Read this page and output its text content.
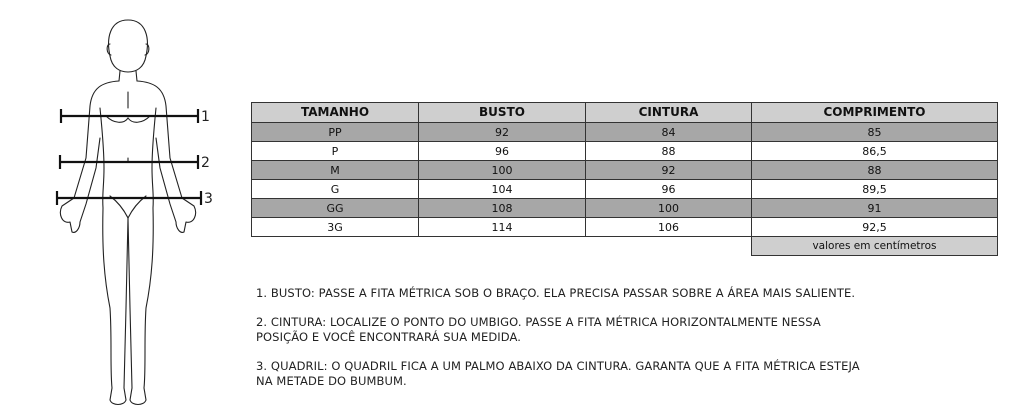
1
2
3
TAMANHO	BUSTO	CINTURA	COMPRIMENTO
PP	92	84	85
P	96	88	86,5
M	100	92	88
G	104	96	89,5
GG	108	100	91
3G	114	106	92,5
			valores em centímetros

1. BUSTO: PASSE A FITA MÉTRICA SOB O BRAÇO. ELA PRECISA PASSAR SOBRE A ÁREA MAIS SALIENTE.

2. CINTURA: LOCALIZE O PONTO DO UMBIGO. PASSE A FITA MÉTRICA HORIZONTALMENTE NESSA
POSIÇÃO E VOCÊ ENCONTRARÁ SUA MEDIDA.

3. QUADRIL: O QUADRIL FICA A UM PALMO ABAIXO DA CINTURA. GARANTA QUE A FITA MÉTRICA ESTEJA
NA METADE DO BUMBUM.
